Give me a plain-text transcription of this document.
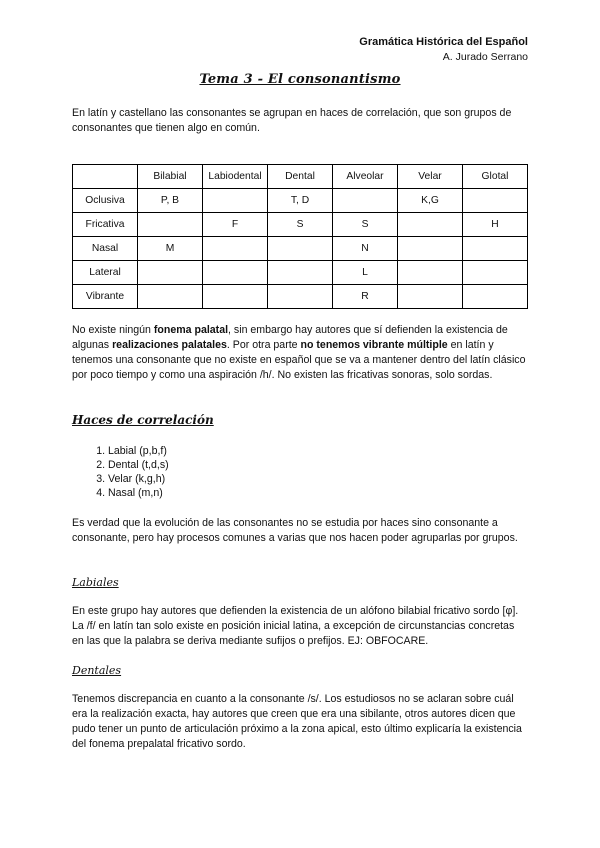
Gramática Histórica del Español
A. Jurado Serrano
Tema 3 - El consonantismo
En latín y castellano las consonantes se agrupan en haces de correlación, que son grupos de consonantes que tienen algo en común.
	Bilabial	Labiodental	Dental	Alveolar	Velar	Glotal
Oclusiva	P, B		T, D		K,G	
Fricativa		F	S	S		H
Nasal	M			N		
Lateral				L		
Vibrante				R		
No existe ningún fonema palatal, sin embargo hay autores que sí defienden la existencia de algunas realizaciones palatales. Por otra parte no tenemos vibrante múltiple en latín y tenemos una consonante que no existe en español que se va a mantener dentro del latín clásico por poco tiempo y como una aspiración /h/. No existen las fricativas sonoras, solo sordas.
Haces de correlación
1. Labial (p,b,f)
2. Dental (t,d,s)
3. Velar (k,g,h)
4. Nasal (m,n)
Es verdad que la evolución de las consonantes no se estudia por haces sino consonante a consonante, pero hay procesos comunes a varias que nos hacen poder agruparlas por grupos.
Labiales
En este grupo hay autores que defienden la existencia de un alófono bilabial fricativo sordo [φ]. La /f/ en latín tan solo existe en posición inicial latina, a excepción de circunstancias concretas en las que la palabra se deriva mediante sufijos o prefijos. EJ: OBFOCARE.
Dentales
Tenemos discrepancia en cuanto a la consonante /s/. Los estudiosos no se aclaran sobre cuál era la realización exacta, hay autores que creen que era una sibilante, otros autores dicen que pudo tener un punto de articulación próximo a la zona apical, esto último explicaría la existencia del fonema prepalatal fricativo sordo.
